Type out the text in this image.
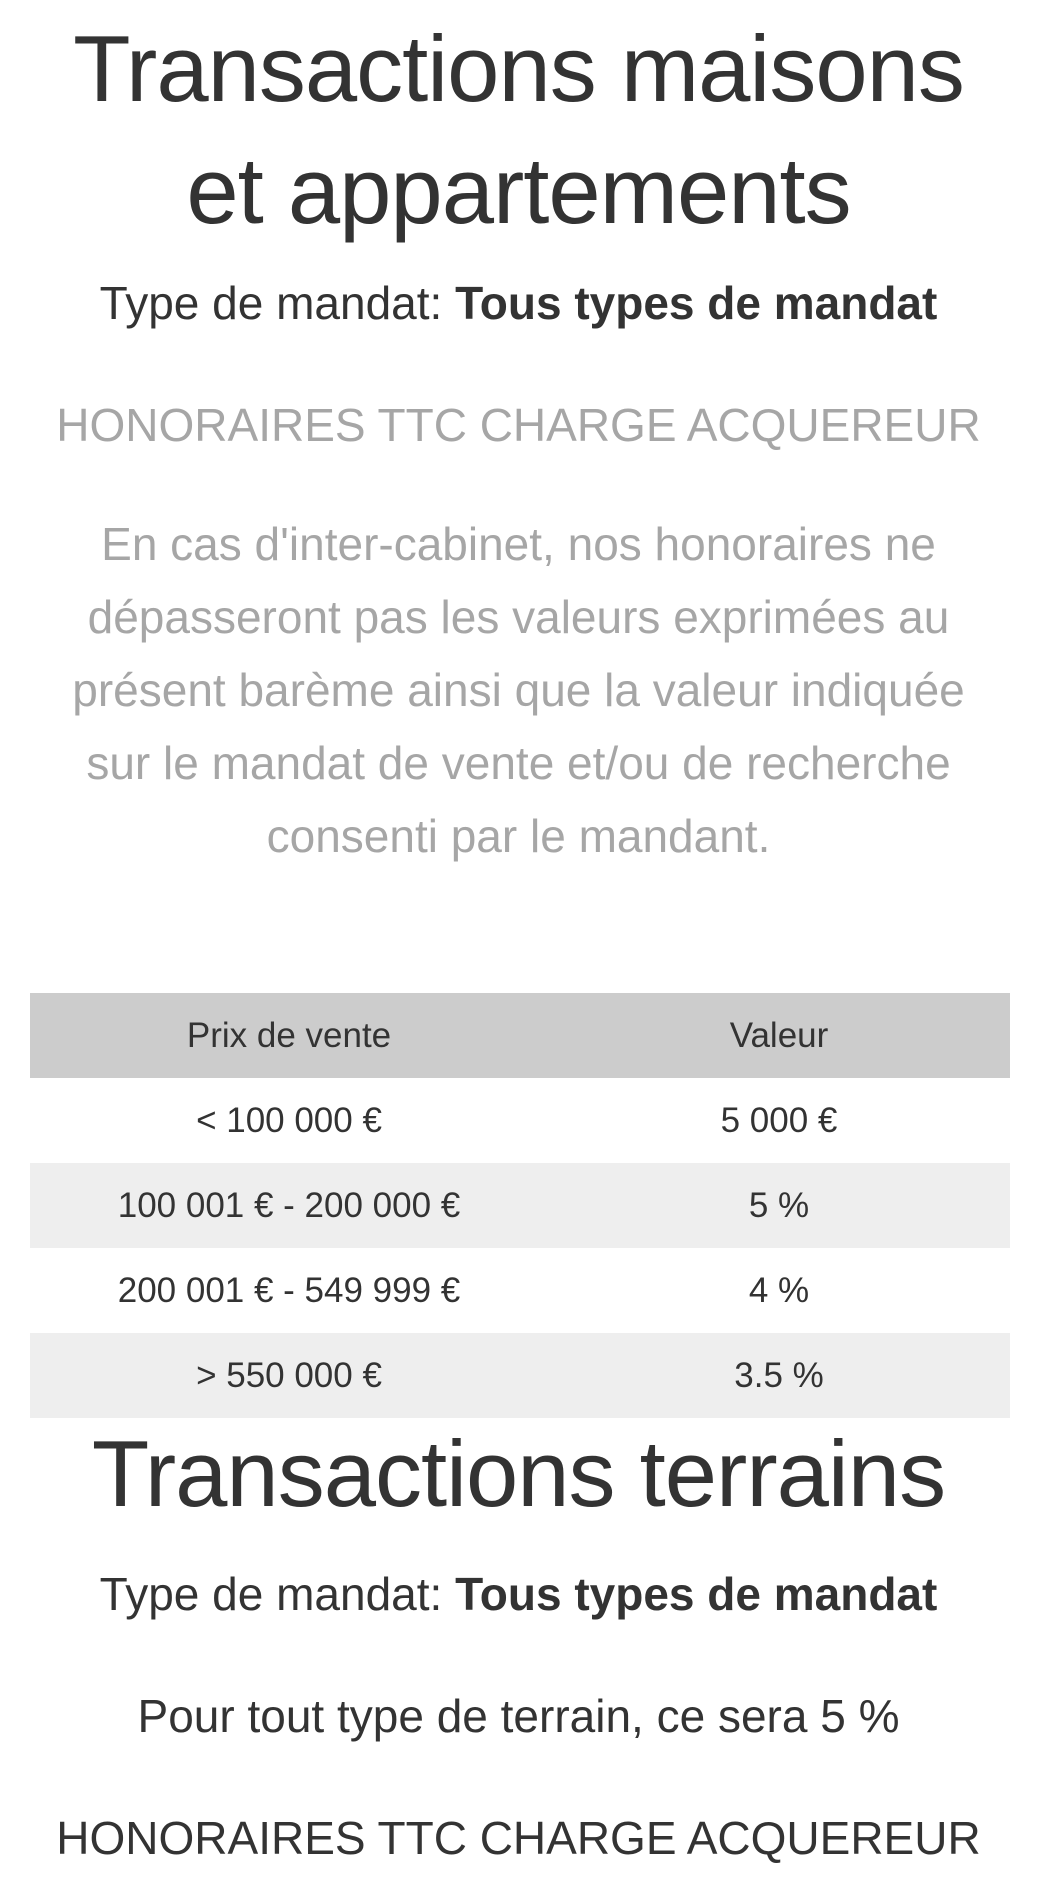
Transactions maisons
et appartements
Type de mandat: Tous types de mandat
HONORAIRES TTC CHARGE ACQUEREUR
En cas d'inter-cabinet, nos honoraires ne
dépasseront pas les valeurs exprimées au
présent barème ainsi que la valeur indiquée
sur le mandat de vente et/ou de recherche
consenti par le mandant.
Prix de vente	Valeur
< 100 000 €	5 000 €
100 001 € - 200 000 €	5 %
200 001 € - 549 999 €	4 %
> 550 000 €	3.5 %
Transactions terrains
Type de mandat: Tous types de mandat
Pour tout type de terrain, ce sera 5 %
HONORAIRES TTC CHARGE ACQUEREUR
